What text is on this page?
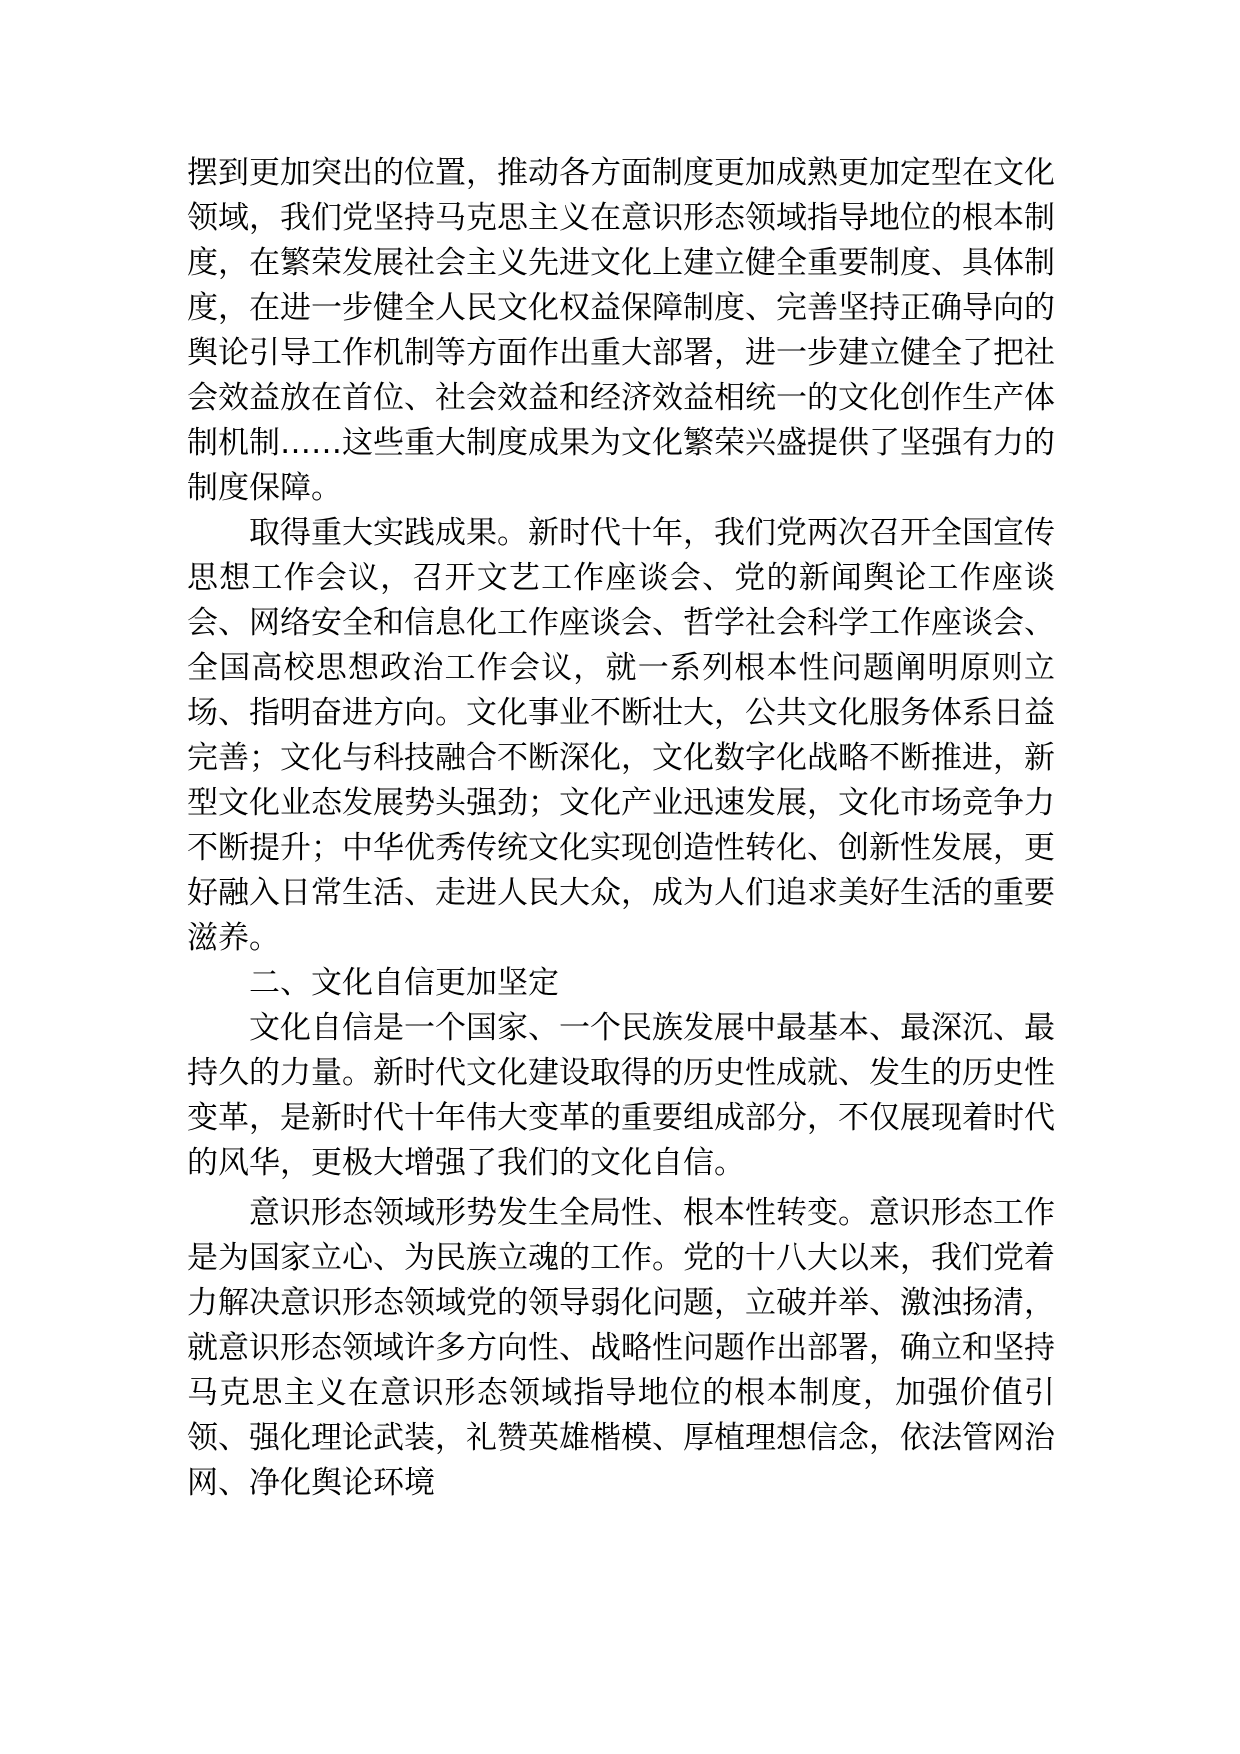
摆到更加突出的位置，推动各方面制度更加成熟更加定型在文化领域，我们党坚持马克思主义在意识形态领域指导地位的根本制度，在繁荣发展社会主义先进文化上建立健全重要制度、具体制度，在进一步健全人民文化权益保障制度、完善坚持正确导向的舆论引导工作机制等方面作出重大部署，进一步建立健全了把社会效益放在首位、社会效益和经济效益相统一的文化创作生产体制机制……这些重大制度成果为文化繁荣兴盛提供了坚强有力的制度保障。

取得重大实践成果。新时代十年，我们党两次召开全国宣传思想工作会议，召开文艺工作座谈会、党的新闻舆论工作座谈会、网络安全和信息化工作座谈会、哲学社会科学工作座谈会、全国高校思想政治工作会议，就一系列根本性问题阐明原则立场、指明奋进方向。文化事业不断壮大，公共文化服务体系日益完善；文化与科技融合不断深化，文化数字化战略不断推进，新型文化业态发展势头强劲；文化产业迅速发展，文化市场竞争力不断提升；中华优秀传统文化实现创造性转化、创新性发展，更好融入日常生活、走进人民大众，成为人们追求美好生活的重要滋养。

二、文化自信更加坚定

文化自信是一个国家、一个民族发展中最基本、最深沉、最持久的力量。新时代文化建设取得的历史性成就、发生的历史性变革，是新时代十年伟大变革的重要组成部分，不仅展现着时代的风华，更极大增强了我们的文化自信。

意识形态领域形势发生全局性、根本性转变。意识形态工作是为国家立心、为民族立魂的工作。党的十八大以来，我们党着力解决意识形态领域党的领导弱化问题，立破并举、激浊扬清，就意识形态领域许多方向性、战略性问题作出部署，确立和坚持马克思主义在意识形态领域指导地位的根本制度，加强价值引领、强化理论武装，礼赞英雄楷模、厚植理想信念，依法管网治网、净化舆论环境
